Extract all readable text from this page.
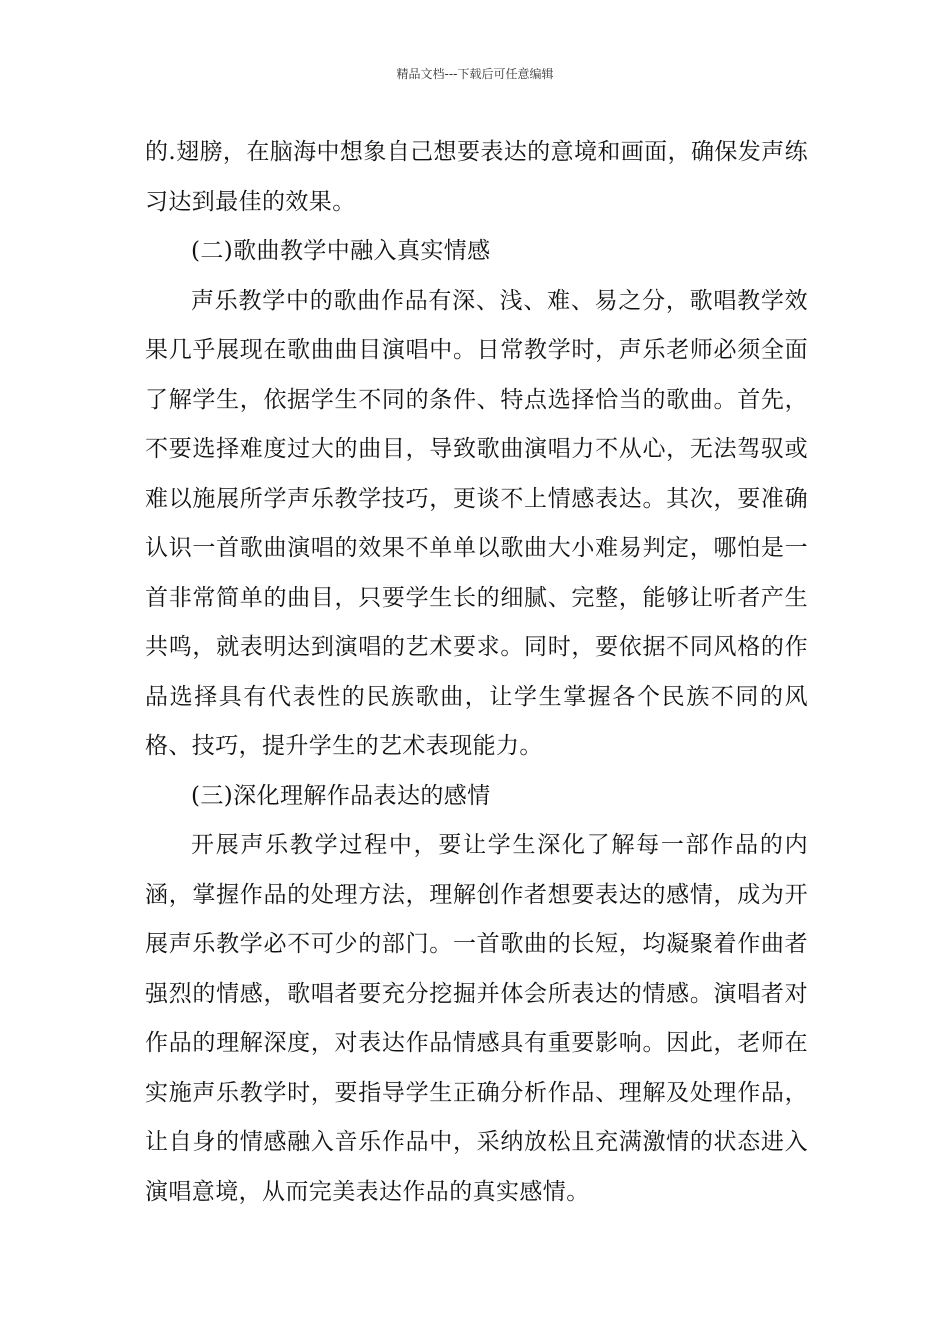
精品文档---下载后可任意编辑

的.翅膀，在脑海中想象自己想要表达的意境和画面，确保发声练习达到最佳的效果。

(二)歌曲教学中融入真实情感

声乐教学中的歌曲作品有深、浅、难、易之分，歌唱教学效果几乎展现在歌曲曲目演唱中。日常教学时，声乐老师必须全面了解学生，依据学生不同的条件、特点选择恰当的歌曲。首先，不要选择难度过大的曲目，导致歌曲演唱力不从心，无法驾驭或难以施展所学声乐教学技巧，更谈不上情感表达。其次，要准确认识一首歌曲演唱的效果不单单以歌曲大小难易判定，哪怕是一首非常简单的曲目，只要学生长的细腻、完整，能够让听者产生共鸣，就表明达到演唱的艺术要求。同时，要依据不同风格的作品选择具有代表性的民族歌曲，让学生掌握各个民族不同的风格、技巧，提升学生的艺术表现能力。

(三)深化理解作品表达的感情

开展声乐教学过程中，要让学生深化了解每一部作品的内涵，掌握作品的处理方法，理解创作者想要表达的感情，成为开展声乐教学必不可少的部门。一首歌曲的长短，均凝聚着作曲者强烈的情感，歌唱者要充分挖掘并体会所表达的情感。演唱者对作品的理解深度，对表达作品情感具有重要影响。因此，老师在实施声乐教学时，要指导学生正确分析作品、理解及处理作品，让自身的情感融入音乐作品中，采纳放松且充满激情的状态进入演唱意境，从而完美表达作品的真实感情。
